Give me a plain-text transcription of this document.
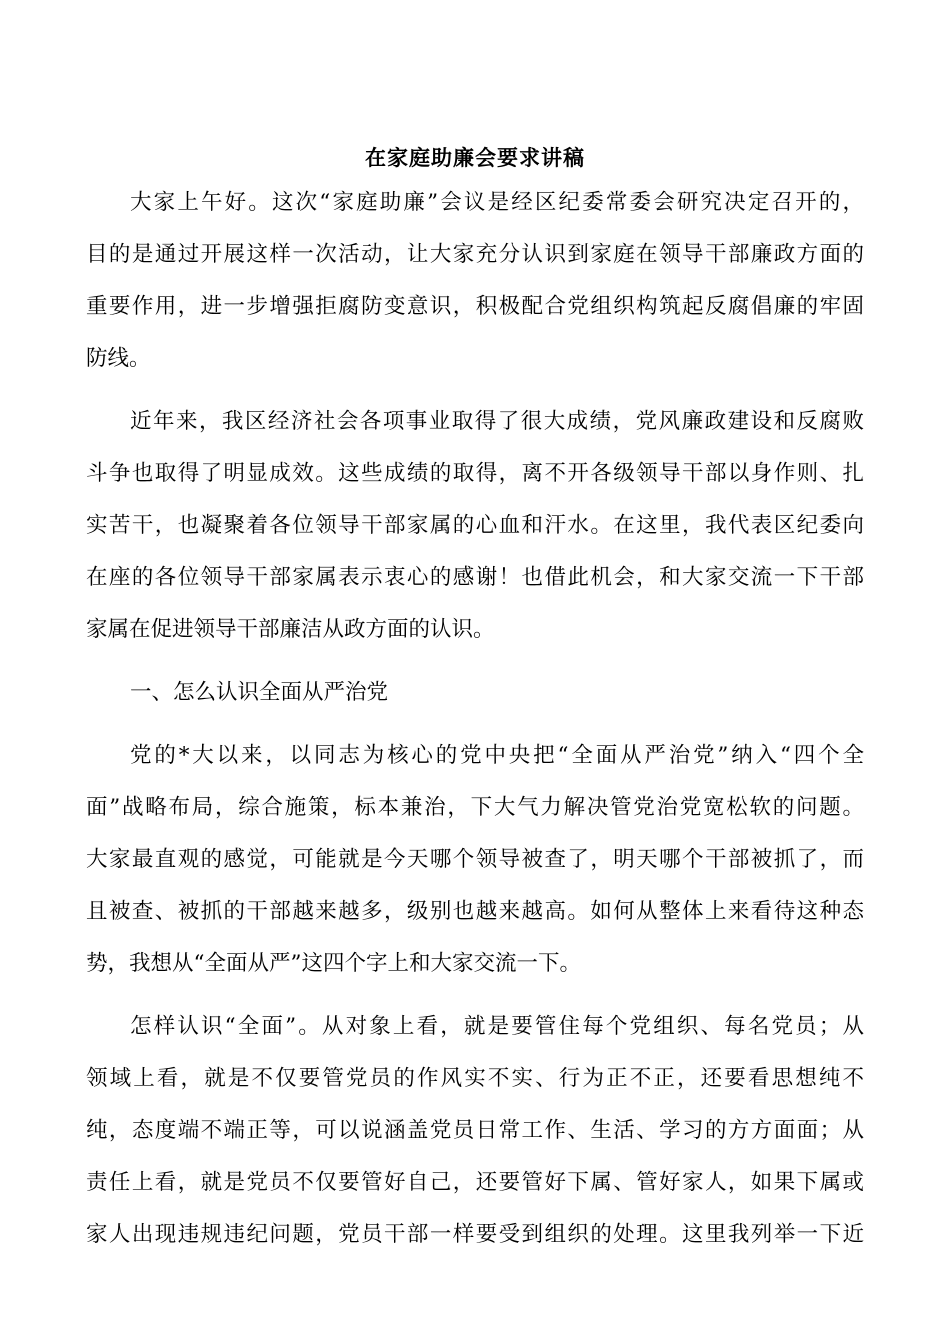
在家庭助廉会要求讲稿
大家上午好。这次“家庭助廉”会议是经区纪委常委会研究决定召开的，
目的是通过开展这样一次活动，让大家充分认识到家庭在领导干部廉政方面的
重要作用，进一步增强拒腐防变意识，积极配合党组织构筑起反腐倡廉的牢固
防线。
近年来，我区经济社会各项事业取得了很大成绩，党风廉政建设和反腐败
斗争也取得了明显成效。这些成绩的取得，离不开各级领导干部以身作则、扎
实苦干，也凝聚着各位领导干部家属的心血和汗水。在这里，我代表区纪委向
在座的各位领导干部家属表示衷心的感谢！也借此机会，和大家交流一下干部
家属在促进领导干部廉洁从政方面的认识。
一、怎么认识全面从严治党
党的*大以来，以同志为核心的党中央把“全面从严治党”纳入“四个全
面”战略布局，综合施策，标本兼治，下大气力解决管党治党宽松软的问题。
大家最直观的感觉，可能就是今天哪个领导被查了，明天哪个干部被抓了，而
且被查、被抓的干部越来越多，级别也越来越高。如何从整体上来看待这种态
势，我想从“全面从严”这四个字上和大家交流一下。
怎样认识“全面”。从对象上看，就是要管住每个党组织、每名党员；从
领域上看，就是不仅要管党员的作风实不实、行为正不正，还要看思想纯不
纯，态度端不端正等，可以说涵盖党员日常工作、生活、学习的方方面面；从
责任上看，就是党员不仅要管好自己，还要管好下属、管好家人，如果下属或
家人出现违规违纪问题，党员干部一样要受到组织的处理。这里我列举一下近
